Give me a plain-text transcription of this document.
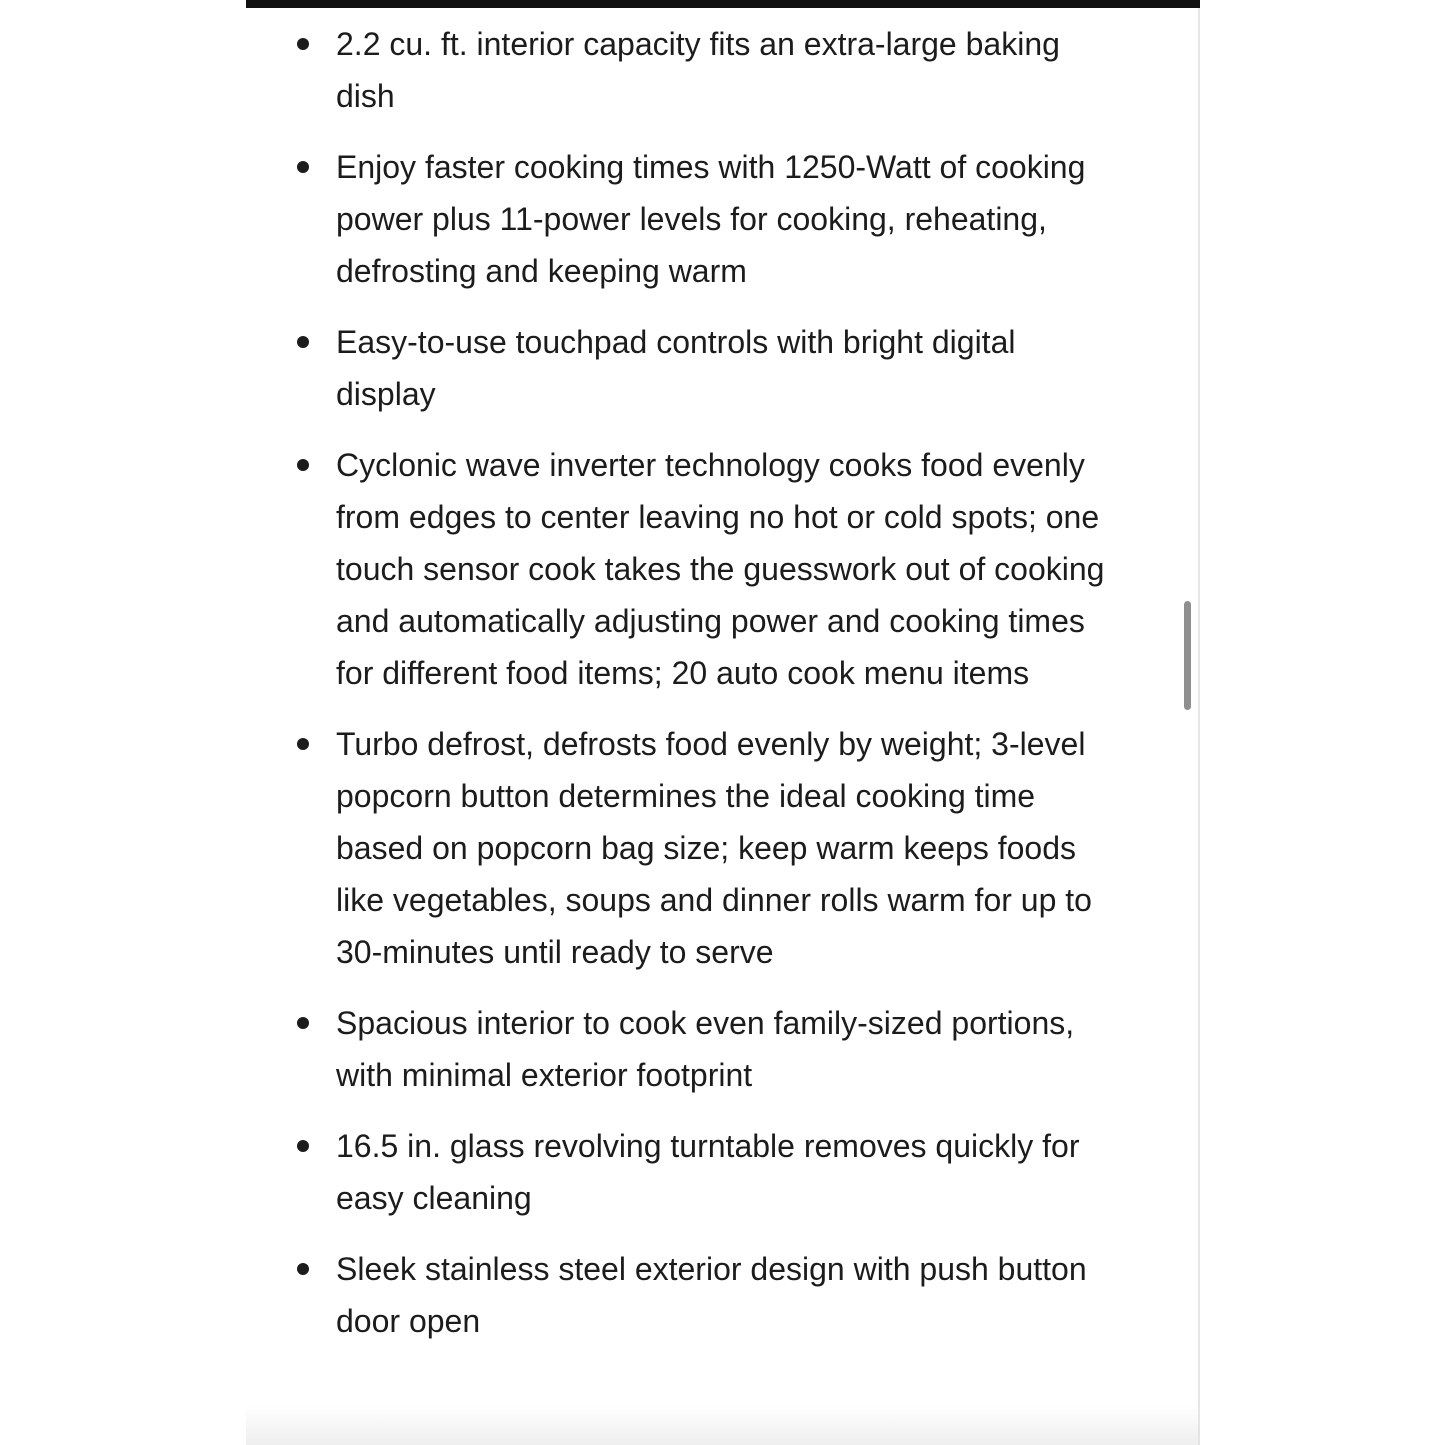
2.2 cu. ft. interior capacity fits an extra-large baking dish
Enjoy faster cooking times with 1250-Watt of cooking power plus 11-power levels for cooking, reheating, defrosting and keeping warm
Easy-to-use touchpad controls with bright digital display
Cyclonic wave inverter technology cooks food evenly from edges to center leaving no hot or cold spots; one touch sensor cook takes the guesswork out of cooking and automatically adjusting power and cooking times for different food items; 20 auto cook menu items
Turbo defrost, defrosts food evenly by weight; 3-level popcorn button determines the ideal cooking time based on popcorn bag size; keep warm keeps foods like vegetables, soups and dinner rolls warm for up to 30-minutes until ready to serve
Spacious interior to cook even family-sized portions, with minimal exterior footprint
16.5 in. glass revolving turntable removes quickly for easy cleaning
Sleek stainless steel exterior design with push button door open
